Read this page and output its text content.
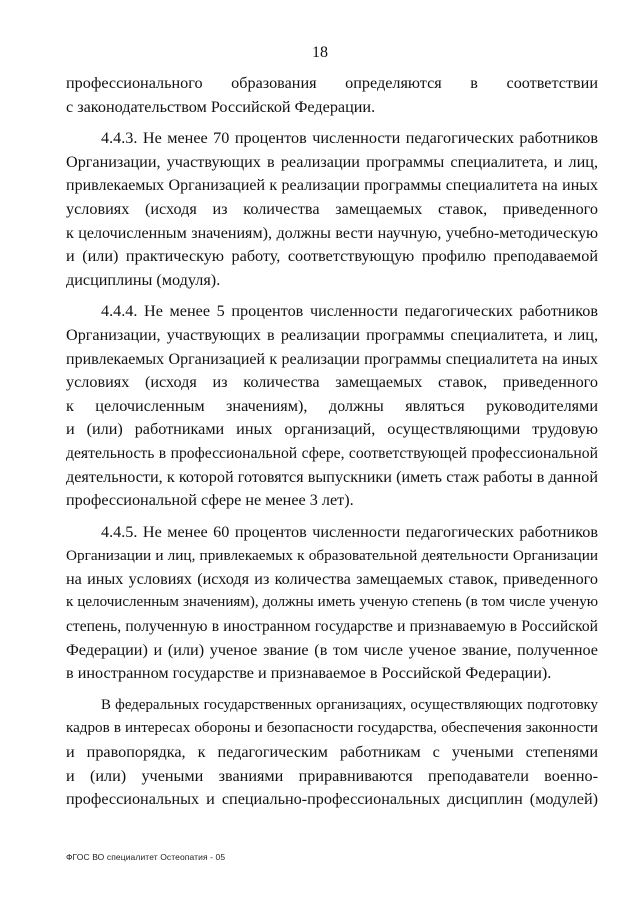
18
профессионального образования определяются в соответствии
с законодательством Российской Федерации.
4.4.3. Не менее 70 процентов численности педагогических работников
Организации, участвующих в реализации программы специалитета, и лиц,
привлекаемых Организацией к реализации программы специалитета на иных
условиях (исходя из количества замещаемых ставок, приведенного
к целочисленным значениям), должны вести научную, учебно-методическую
и (или) практическую работу, соответствующую профилю преподаваемой
дисциплины (модуля).
4.4.4. Не менее 5 процентов численности педагогических работников
Организации, участвующих в реализации программы специалитета, и лиц,
привлекаемых Организацией к реализации программы специалитета на иных
условиях (исходя из количества замещаемых ставок, приведенного
к целочисленным значениям), должны являться руководителями
и (или) работниками иных организаций, осуществляющими трудовую
деятельность в профессиональной сфере, соответствующей профессиональной
деятельности, к которой готовятся выпускники (иметь стаж работы в данной
профессиональной сфере не менее 3 лет).
4.4.5. Не менее 60 процентов численности педагогических работников
Организации и лиц, привлекаемых к образовательной деятельности Организации
на иных условиях (исходя из количества замещаемых ставок, приведенного
к целочисленным значениям), должны иметь ученую степень (в том числе ученую
степень, полученную в иностранном государстве и признаваемую в Российской
Федерации) и (или) ученое звание (в том числе ученое звание, полученное
в иностранном государстве и признаваемое в Российской Федерации).
В федеральных государственных организациях, осуществляющих подготовку
кадров в интересах обороны и безопасности государства, обеспечения законности
и правопорядка, к педагогическим работникам с учеными степенями
и (или) учеными званиями приравниваются преподаватели военно-
профессиональных и специально-профессиональных дисциплин (модулей)
ФГОС ВО специалитет Остеопатия - 05
